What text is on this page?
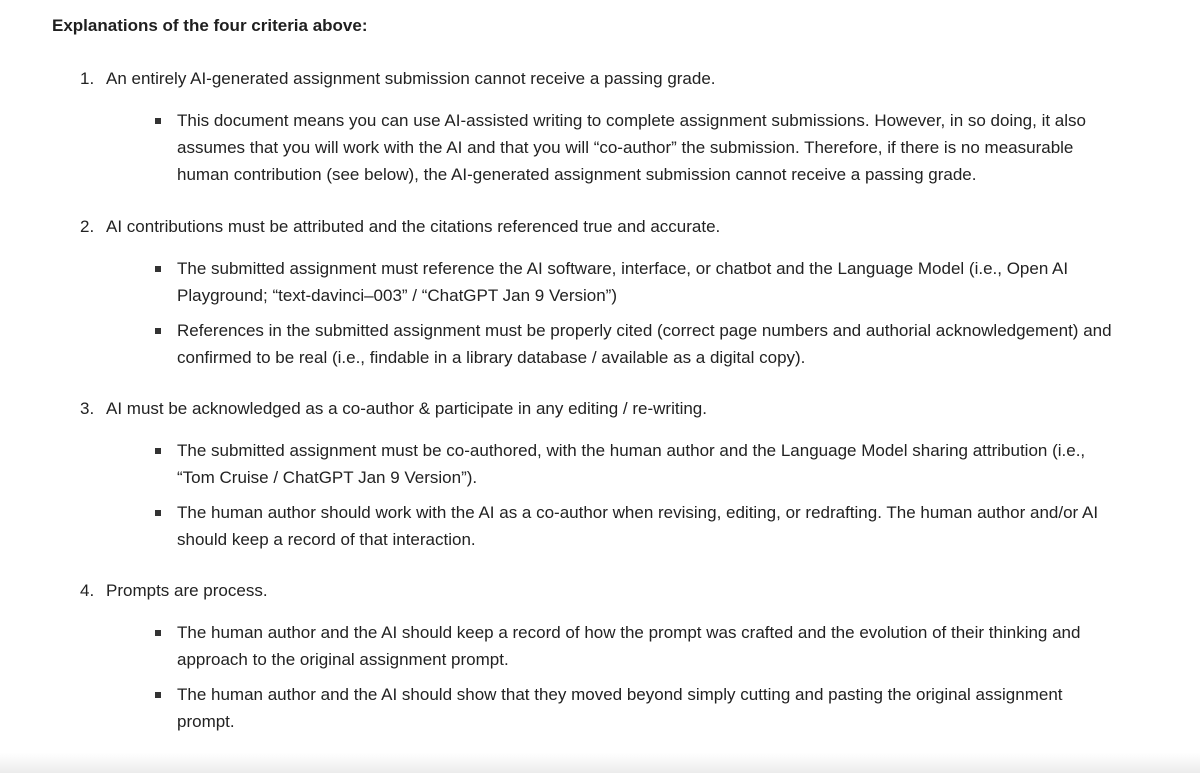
Explanations of the four criteria above:
1. An entirely AI-generated assignment submission cannot receive a passing grade.
This document means you can use AI-assisted writing to complete assignment submissions. However, in so doing, it also assumes that you will work with the AI and that you will “co-author” the submission. Therefore, if there is no measurable human contribution (see below), the AI-generated assignment submission cannot receive a passing grade.
2. AI contributions must be attributed and the citations referenced true and accurate.
The submitted assignment must reference the AI software, interface, or chatbot and the Language Model (i.e., Open AI Playground; “text-davinci–003” / “ChatGPT Jan 9 Version”)
References in the submitted assignment must be properly cited (correct page numbers and authorial acknowledgement) and confirmed to be real (i.e., findable in a library database / available as a digital copy).
3. AI must be acknowledged as a co-author & participate in any editing / re-writing.
The submitted assignment must be co-authored, with the human author and the Language Model sharing attribution (i.e., “Tom Cruise / ChatGPT Jan 9 Version”).
The human author should work with the AI as a co-author when revising, editing, or redrafting. The human author and/or AI should keep a record of that interaction.
4. Prompts are process.
The human author and the AI should keep a record of how the prompt was crafted and the evolution of their thinking and approach to the original assignment prompt.
The human author and the AI should show that they moved beyond simply cutting and pasting the original assignment prompt.
